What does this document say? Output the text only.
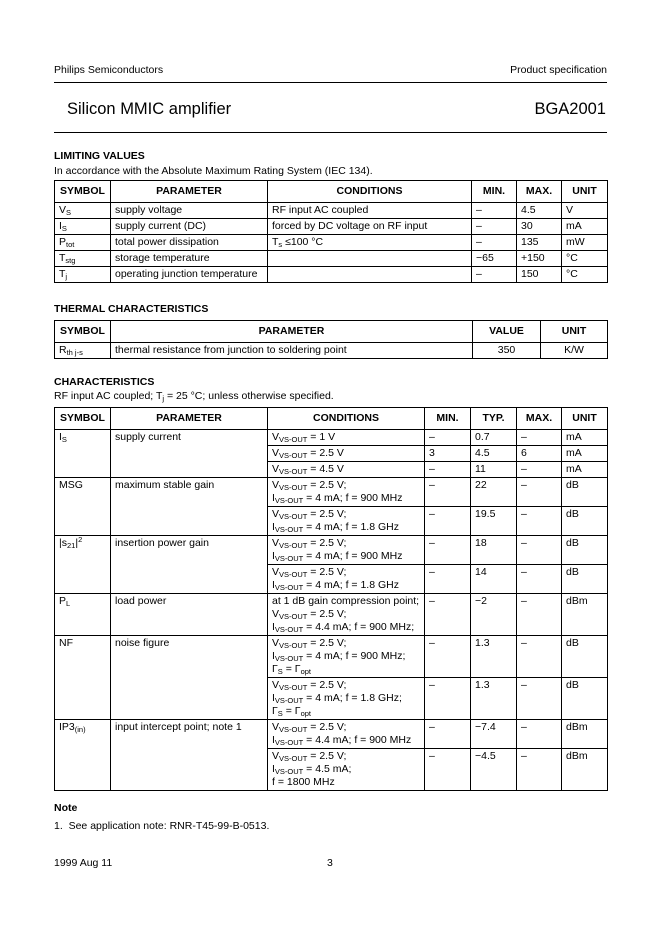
Philips Semiconductors	Product specification
Silicon MMIC amplifier	BGA2001
LIMITING VALUES
In accordance with the Absolute Maximum Rating System (IEC 134).
SYMBOL	PARAMETER	CONDITIONS	MIN.	MAX.	UNIT
$V_S$	supply voltage	RF input AC coupled	–	4.5	V
$I_S$	supply current (DC)	forced by DC voltage on RF input	–	30	mA
$P_{tot}$	total power dissipation	$T_s \le 100$ °C	–	135	mW
$T_{stg}$	storage temperature		−65	+150	°C
$T_j$	operating junction temperature		–	150	°C
THERMAL CHARACTERISTICS
SYMBOL	PARAMETER	VALUE	UNIT
$R_{th j-s}$	thermal resistance from junction to soldering point	350	K/W
CHARACTERISTICS
RF input AC coupled; $T_j = 25$ °C; unless otherwise specified.
SYMBOL	PARAMETER	CONDITIONS	MIN.	TYP.	MAX.	UNIT
$I_S$	supply current	$V_{VS-OUT} = 1$ V	–	0.7	–	mA

		$V_{VS-OUT} = 2.5$ V	3	4.5	6	mA

		$V_{VS-OUT} = 4.5$ V	–	11	–	mA
MSG	maximum stable gain	$V_{VS-OUT} = 2.5$ V;
$I_{VS-OUT} = 4$ mA; f = 900 MHz	–	22	–	dB

		$V_{VS-OUT} = 2.5$ V;
$I_{VS-OUT} = 4$ mA; f = 1.8 GHz	–	19.5	–	dB
$|s_{21}|^2$	insertion power gain	$V_{VS-OUT} = 2.5$ V;
$I_{VS-OUT} = 4$ mA; f = 900 MHz	–	18	–	dB

		$V_{VS-OUT} = 2.5$ V;
$I_{VS-OUT} = 4$ mA; f = 1.8 GHz	–	14	–	dB
$P_L$	load power	at 1 dB gain compression point;
$V_{VS-OUT} = 2.5$ V;
$I_{VS-OUT} = 4.4$ mA; f = 900 MHz;	–	−2	–	dBm
NF	noise figure	$V_{VS-OUT} = 2.5$ V;
$I_{VS-OUT} = 4$ mA; f = 900 MHz;
$\Gamma_S = \Gamma_{opt}$	–	1.3	–	dB

		$V_{VS-OUT} = 2.5$ V;
$I_{VS-OUT} = 4$ mA; f = 1.8 GHz;
$\Gamma_S = \Gamma_{opt}$	–	1.3	–	dB
$IP3_{(in)}$	input intercept point; note 1	$V_{VS-OUT} = 2.5$ V;
$I_{VS-OUT} = 4.4$ mA; f = 900 MHz	–	−7.4	–	dBm

		$V_{VS-OUT} = 2.5$ V;
$I_{VS-OUT} = 4.5$ mA;
f = 1800 MHz	–	−4.5	–	dBm
Note
1.  See application note: RNR-T45-99-B-0513.
1999 Aug 11	3
